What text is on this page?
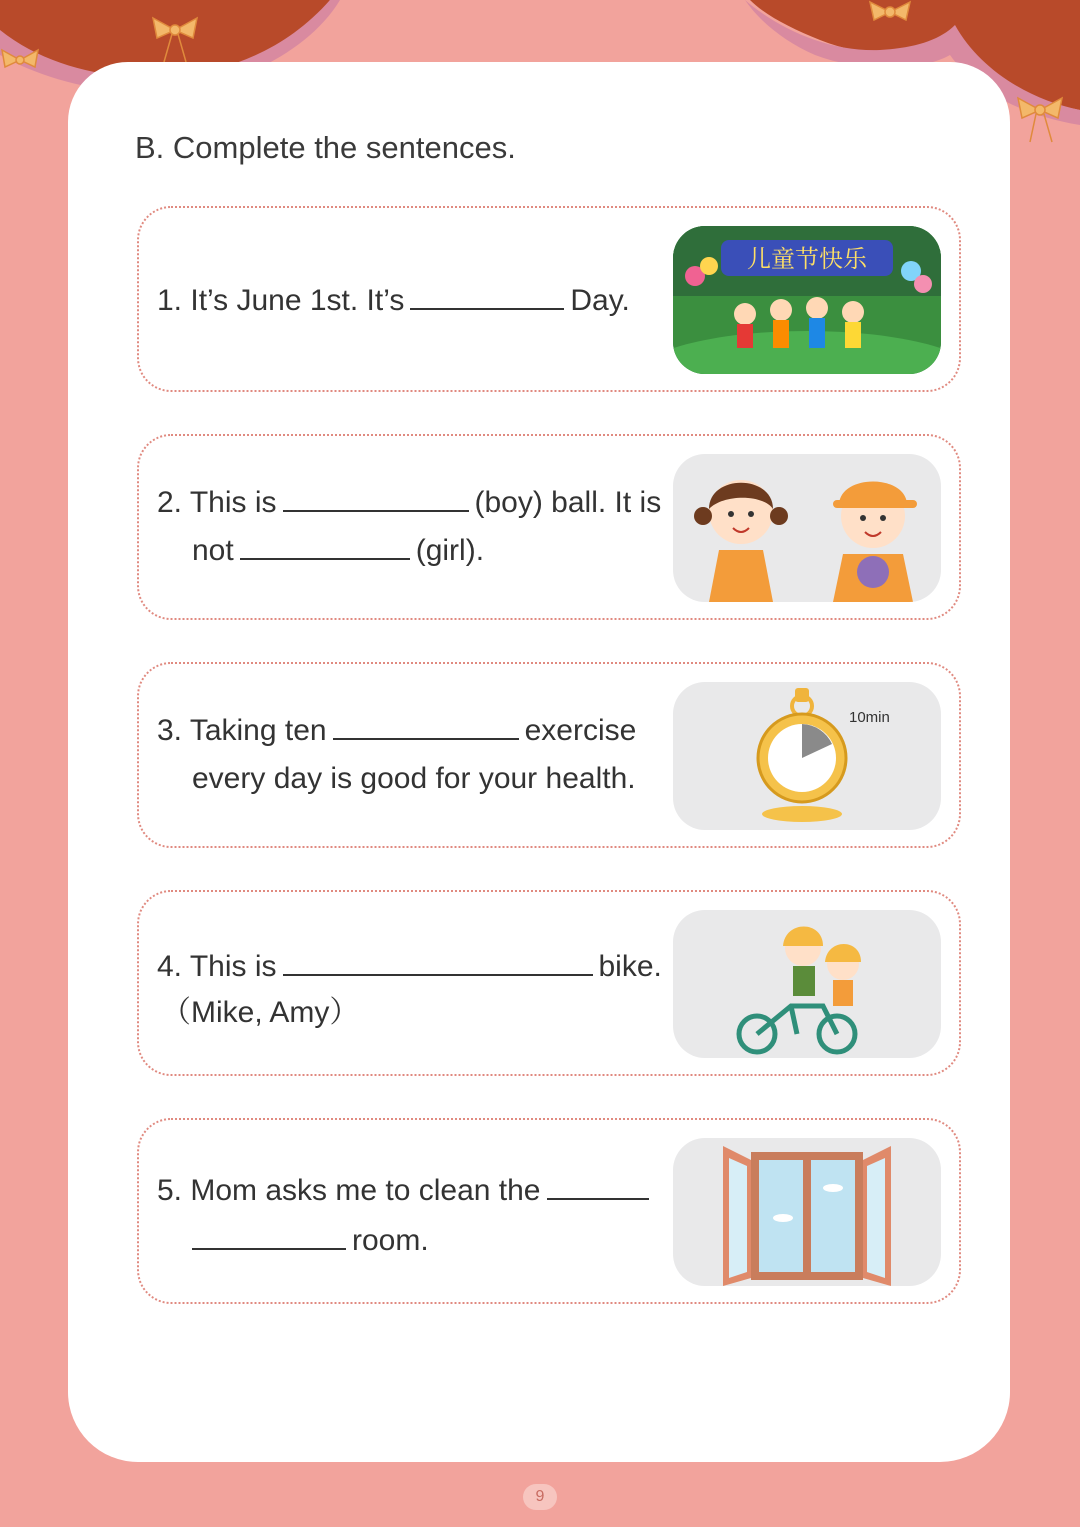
B. Complete the sentences.
1. It’s June 1st. It’s	Day.
儿童节快乐
2. This is	(boy) ball. It is
not	(girl).
3. Taking ten	exercise
every day is good for your health.
10min
4. This is	bike.
（Mike, Amy）
5. Mom asks me to clean the
room.
9
